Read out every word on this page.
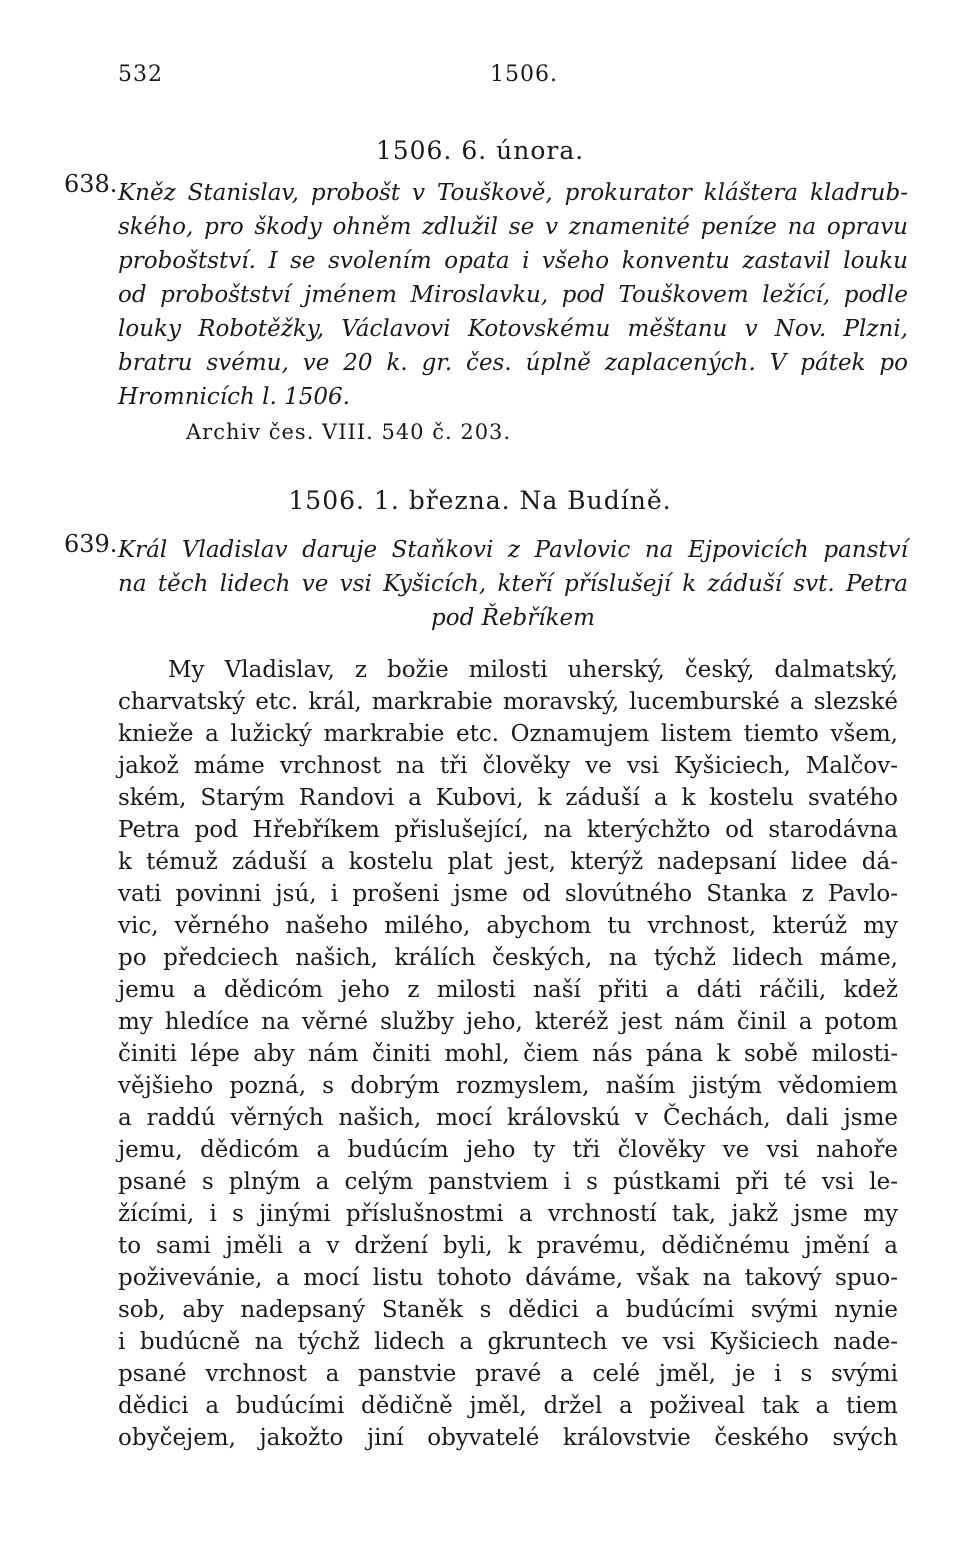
532	1506.
1506. 6. února.
638. Kněz Stanislav, probošt v Touškově, prokurator kláštera kladrub-
ského, pro škody ohněm zdlužil se v znamenité peníze na opravu
proboštství. I se svolením opata i všeho konventu zastavil louku
od proboštství jménem Miroslavku, pod Touškovem ležící, podle
louky Robotěžky, Václavovi Kotovskému měštanu v Nov. Plzni,
bratru svému, ve 20 k. gr. čes. úplně zaplacených. V pátek po
Hromnicích l. 1506.
Archiv čes. VIII. 540 č. 203.
1506. 1. března. Na Budíně.
639. Král Vladislav daruje Staňkovi z Pavlovic na Ejpovicích panství
na těch lidech ve vsi Kyšicích, kteří příslušejí k záduší svt. Petra
pod Řebříkem
My Vladislav, z božie milosti uherský, český, dalmatský,
charvatský etc. král, markrabie moravský, lucemburské a slezské
knieže a lužický markrabie etc. Oznamujem listem tiemto všem,
jakož máme vrchnost na tři člověky ve vsi Kyšiciech, Malčov-
ském, Starým Randovi a Kubovi, k záduší a k kostelu svatého
Petra pod Hřebříkem přislušející, na kterýchžto od starodávna
k témuž záduší a kostelu plat jest, kterýž nadepsaní lidee dá-
vati povinni jsú, i prošeni jsme od slovútného Stanka z Pavlo-
vic, věrného našeho milého, abychom tu vrchnost, kterúž my
po předciech našich, králích českých, na týchž lidech máme,
jemu a dědicóm jeho z milosti naší přiti a dáti ráčili, kdež
my hledíce na věrné služby jeho, kteréž jest nám činil a potom
činiti lépe aby nám činiti mohl, čiem nás pána k sobě milosti-
vějšieho pozná, s dobrým rozmyslem, naším jistým vědomiem
a raddú věrných našich, mocí královskú v Čechách, dali jsme
jemu, dědicóm a budúcím jeho ty tři člověky ve vsi nahoře
psané s plným a celým panstviem i s pústkami při té vsi le-
žícími, i s jinými příslušnostmi a vrchností tak, jakž jsme my
to sami jměli a v držení byli, k pravému, dědičnému jmění a
poživevánie, a mocí listu tohoto dáváme, však na takový spuo-
sob, aby nadepsaný Staněk s dědici a budúcími svými nynie
i budúcně na týchž lidech a gkruntech ve vsi Kyšiciech nade-
psané vrchnost a panstvie pravé a celé jměl, je i s svými
dědici a budúcími dědičně jměl, držel a poživeal tak a tiem
obyčejem, jakožto jiní obyvatelé královstvie českého svých
